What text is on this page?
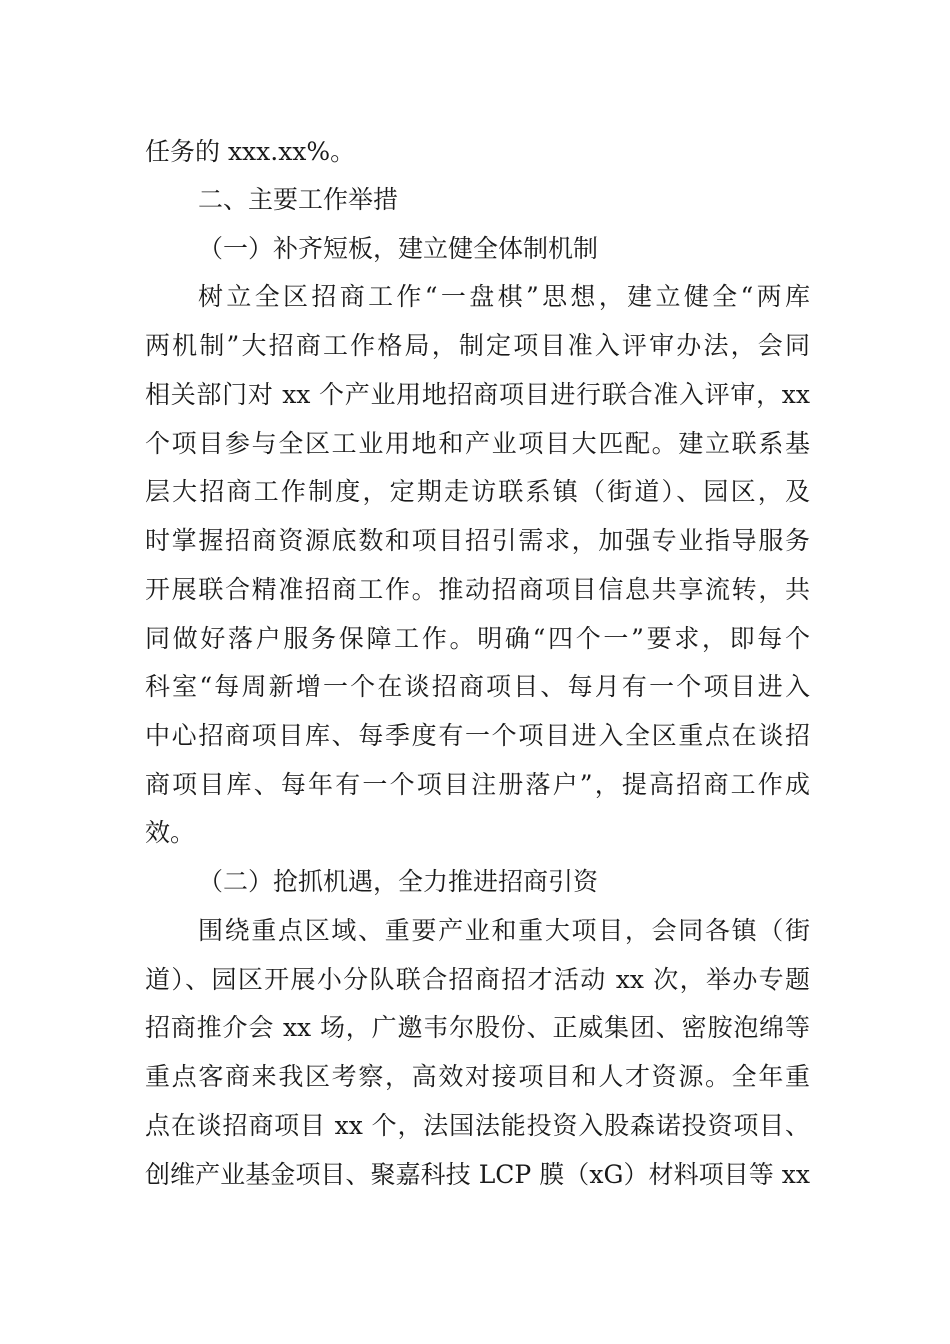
任务的 xxx.xx%。
二、主要工作举措
（一）补齐短板，建立健全体制机制
树立全区招商工作“一盘棋”思想，建立健全“两库
两机制”大招商工作格局，制定项目准入评审办法，会同
相关部门对 xx 个产业用地招商项目进行联合准入评审，xx
个项目参与全区工业用地和产业项目大匹配。建立联系基
层大招商工作制度，定期走访联系镇（街道）、园区，及
时掌握招商资源底数和项目招引需求，加强专业指导服务
开展联合精准招商工作。推动招商项目信息共享流转，共
同做好落户服务保障工作。明确“四个一”要求，即每个
科室“每周新增一个在谈招商项目、每月有一个项目进入
中心招商项目库、每季度有一个项目进入全区重点在谈招
商项目库、每年有一个项目注册落户”，提高招商工作成
效。
（二）抢抓机遇，全力推进招商引资
围绕重点区域、重要产业和重大项目，会同各镇（街
道）、园区开展小分队联合招商招才活动 xx 次，举办专题
招商推介会 xx 场，广邀韦尔股份、正威集团、密胺泡绵等
重点客商来我区考察，高效对接项目和人才资源。全年重
点在谈招商项目 xx 个，法国法能投资入股森诺投资项目、
创维产业基金项目、聚嘉科技 LCP 膜（xG）材料项目等 xx
